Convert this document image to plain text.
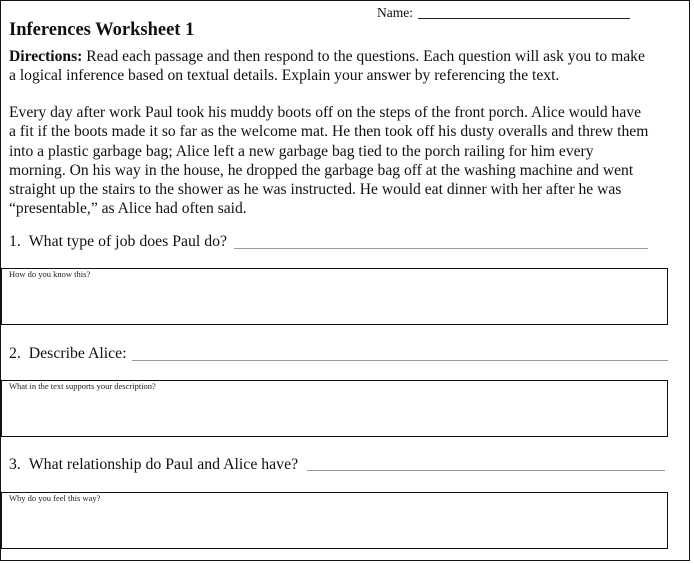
Name:
Inferences Worksheet 1
Directions: Read each passage and then respond to the questions. Each question will ask you to make
a logical inference based on textual details. Explain your answer by referencing the text.
Every day after work Paul took his muddy boots off on the steps of the front porch. Alice would have
a fit if the boots made it so far as the welcome mat. He then took off his dusty overalls and threw them
into a plastic garbage bag; Alice left a new garbage bag tied to the porch railing for him every
morning. On his way in the house, he dropped the garbage bag off at the washing machine and went
straight up the stairs to the shower as he was instructed. He would eat dinner with her after he was
“presentable,” as Alice had often said.
1. What type of job does Paul do?
How do you know this?
2. Describe Alice:
What in the text supports your description?
3. What relationship do Paul and Alice have?
Why do you feel this way?
